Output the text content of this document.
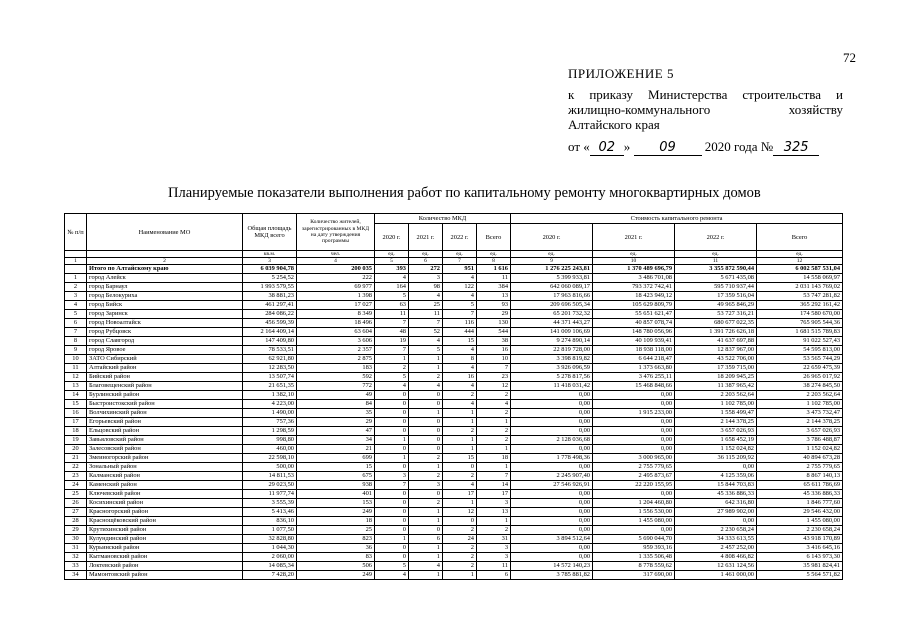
72
ПРИЛОЖЕНИЕ 5
к приказу Министерства строительства и
жилищно-коммунального хозяйству
Алтайского края
от « 02 » 09 2020 года № 325
Планируемые показатели выполнения работ по капитальному ремонту многоквартирных домов
№ п/п	Наименование МО	Общая площадь МКД всего	Количество жителей, зарегистрированных в МКД на дату утверждения программы	Количество МКД				Стоимость капитального ремонта			
				2020 г.	2021 г.	2022 г.	Всего	2020 г.	2021 г.	2022 г.	Всего
		кв.м.	чел.	ед.	ед.	ед.	ед.	ед.	ед.	ед.	ед.
1	2	3	4	5	6	7	8	9	10	11	12
	Итого по Алтайскому краю	6 039 904,78	200 035	393	272	951	1 616	1 276 225 243,81	1 370 489 696,79	3 355 872 590,44	6 002 587 531,04
1	город Алейск	5 254,52	222	4	3	4	11	5 399 933,81	3 486 701,08	5 671 435,08	14 558 069,97
2	город Барнаул	1 993 579,55	69 977	164	98	122	384	642 060 089,17	793 372 742,41	595 710 937,44	2 031 143 769,02
3	город Белокуриха	38 881,23	1 398	5	4	4	13	17 963 816,66	18 423 949,12	17 359 516,04	53 747 281,82
4	город Бийск	461 297,41	17 027	63	25	5	93	209 696 505,34	105 629 809,79	49 965 846,29	365 292 161,42
5	город Заринск	284 086,22	8 349	11	11	7	29	65 201 732,32	55 651 621,47	53 727 316,21	174 580 670,00
6	город Новоалтайск	456 599,39	18 496	7	7	116	130	44 371 443,27	40 857 078,74	680 677 022,35	765 905 544,36
7	город Рубцовск	2 164 409,14	63 604	48	52	444	544	141 009 106,69	148 780 056,96	1 391 726 626,18	1 681 515 789,83
8	город Славгород	147 409,80	3 606	19	4	15	38	9 274 890,14	40 109 939,41	41 637 697,88	91 022 527,43
9	город Яровое	78 533,51	2 357	7	5	4	16	22 819 728,00	18 938 118,00	12 837 967,00	54 595 813,00
10	ЗАТО Сибирский	62 921,80	2 875	1	1	8	10	3 398 819,82	6 644 218,47	43 522 706,00	53 565 744,29
11	Алтайский район	12 283,50	183	2	1	4	7	3 926 096,59	1 373 663,80	17 359 715,00	22 659 475,39
12	Бийский район	13 507,74	592	5	2	16	23	5 278 817,56	3 476 255,11	18 209 945,25	26 965 017,92
13	Благовещенский район	21 651,35	772	4	4	4	12	11 418 031,42	15 468 848,66	11 387 965,42	38 274 845,50
14	Бурлинский район	1 382,10	49	0	0	2	2	0,00	0,00	2 203 562,64	2 203 562,64
15	Быстроистокский район	4 223,00	84	0	0	4	4	0,00	0,00	1 102 785,00	1 102 785,00
16	Волчихинский район	1 490,00	35	0	1	1	2	0,00	1 915 233,00	1 558 499,47	3 473 732,47
17	Егорьевский район	757,36	29	0	0	1	1	0,00	0,00	2 144 378,25	2 144 378,25
18	Ельцовский район	1 298,59	47	0	0	2	2	0,00	0,00	3 657 026,93	3 657 026,93
19	Завьяловский район	998,80	34	1	0	1	2	2 128 036,68	0,00	1 658 452,19	3 786 488,87
20	Залесовский район	460,00	21	0	0	1	1	0,00	0,00	1 152 024,82	1 152 024,82
21	Змеиногорский район	22 598,10	699	1	2	15	18	1 778 498,36	3 000 965,00	36 115 209,92	40 894 673,28
22	Зональный район	500,00	15	0	1	0	1	0,00	2 755 779,65	0,00	2 755 779,65
23	Калманский район	14 811,53	675	3	2	2	7	2 245 907,40	2 495 873,67	4 125 359,06	8 867 140,13
24	Каменский район	29 023,50	938	7	3	4	14	27 546 926,91	22 220 155,95	15 844 703,83	65 611 786,69
25	Ключевский район	11 977,74	401	0	0	17	17	0,00	0,00	45 336 886,33	45 336 886,33
26	Косихинский район	3 555,39	153	0	2	1	3	0,00	1 204 460,80	642 316,80	1 846 777,60
27	Красногорский район	5 413,46	249	0	1	12	13	0,00	1 556 530,00	27 989 902,00	29 546 432,00
28	Краснощёковский район	836,10	18	0	1	0	1	0,00	1 455 080,00	0,00	1 455 080,00
29	Крутихинский район	1 077,50	25	0	0	2	2	0,00	0,00	2 230 658,24	2 230 658,24
30	Кулундинский район	32 828,80	823	1	6	24	31	3 894 512,64	5 690 044,70	34 333 613,55	43 918 170,89
31	Курьинский район	1 044,30	36	0	1	2	3	0,00	959 393,16	2 457 252,00	3 416 645,16
32	Кытмановский район	2 060,00	83	0	1	2	3	0,00	1 335 506,48	4 808 466,82	6 143 973,30
33	Локтевский район	14 085,34	506	5	4	2	11	14 572 140,23	8 778 559,62	12 631 124,56	35 981 824,41
34	Мамонтовский район	7 428,20	249	4	1	1	6	3 785 881,82	317 690,00	1 461 000,00	5 564 571,82
